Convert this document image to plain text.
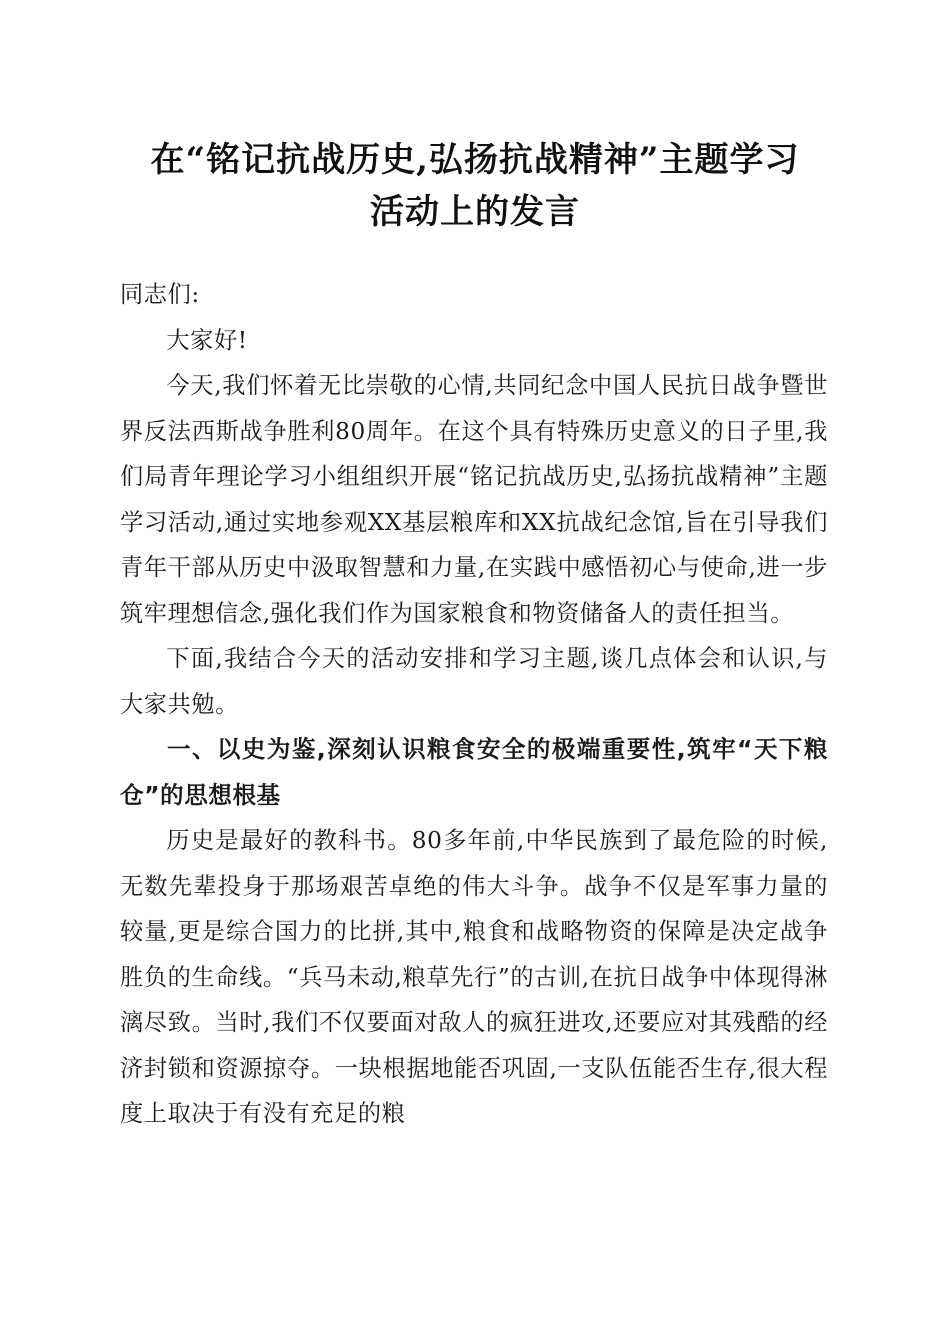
在“铭记抗战历史,弘扬抗战精神”主题学习
活动上的发言

同志们:

大家好!

今天,我们怀着无比崇敬的心情,共同纪念中国人民抗日战争暨世界反法西斯战争胜利80周年。在这个具有特殊历史意义的日子里,我们局青年理论学习小组组织开展“铭记抗战历史,弘扬抗战精神”主题学习活动,通过实地参观XX基层粮库和XX抗战纪念馆,旨在引导我们青年干部从历史中汲取智慧和力量,在实践中感悟初心与使命,进一步筑牢理想信念,强化我们作为国家粮食和物资储备人的责任担当。

下面,我结合今天的活动安排和学习主题,谈几点体会和认识,与大家共勉。

一、以史为鉴,深刻认识粮食安全的极端重要性,筑牢“天下粮仓”的思想根基

历史是最好的教科书。80多年前,中华民族到了最危险的时候,无数先辈投身于那场艰苦卓绝的伟大斗争。战争不仅是军事力量的较量,更是综合国力的比拼,其中,粮食和战略物资的保障是决定战争胜负的生命线。“兵马未动,粮草先行”的古训,在抗日战争中体现得淋漓尽致。当时,我们不仅要面对敌人的疯狂进攻,还要应对其残酷的经济封锁和资源掠夺。一块根据地能否巩固,一支队伍能否生存,很大程度上取决于有没有充足的粮
